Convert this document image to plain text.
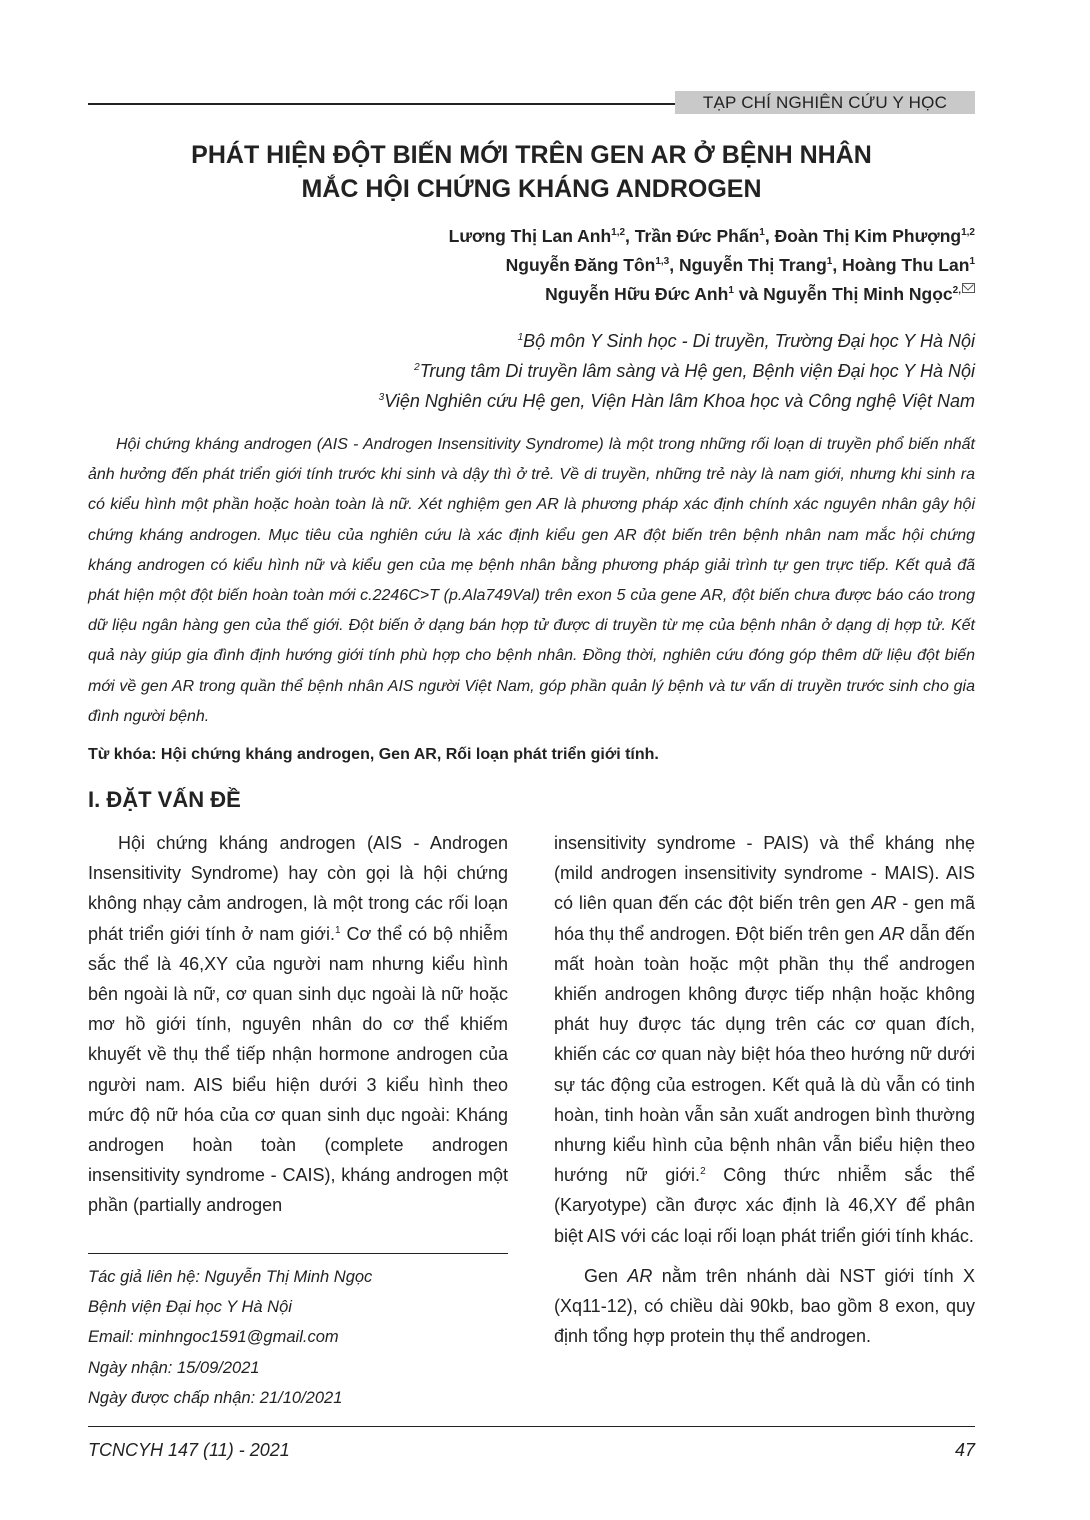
TẠP CHÍ NGHIÊN CỨU Y HỌC
PHÁT HIỆN ĐỘT BIẾN MỚI TRÊN GEN AR Ở BỆNH NHÂN
MẮC HỘI CHỨNG KHÁNG ANDROGEN
Lương Thị Lan Anh$^{1,2}$, Trần Đức Phấn$^1$, Đoàn Thị Kim Phượng$^{1,2}$
Nguyễn Đăng Tôn$^{1,3}$, Nguyễn Thị Trang$^1$, Hoàng Thu Lan$^1$
Nguyễn Hữu Đức Anh$^1$ và Nguyễn Thị Minh Ngọc$^{2,}$
$^1$Bộ môn Y Sinh học - Di truyền, Trường Đại học Y Hà Nội
$^2$Trung tâm Di truyền lâm sàng và Hệ gen, Bệnh viện Đại học Y Hà Nội
$^3$Viện Nghiên cứu Hệ gen, Viện Hàn lâm Khoa học và Công nghệ Việt Nam
Hội chứng kháng androgen (AIS - Androgen Insensitivity Syndrome) là một trong những rối loạn di truyền phổ biến nhất ảnh hưởng đến phát triển giới tính trước khi sinh và dậy thì ở trẻ. Về di truyền, những trẻ này là nam giới, nhưng khi sinh ra có kiểu hình một phần hoặc hoàn toàn là nữ. Xét nghiệm gen AR là phương pháp xác định chính xác nguyên nhân gây hội chứng kháng androgen. Mục tiêu của nghiên cứu là xác định kiểu gen AR đột biến trên bệnh nhân nam mắc hội chứng kháng androgen có kiểu hình nữ và kiểu gen của mẹ bệnh nhân bằng phương pháp giải trình tự gen trực tiếp. Kết quả đã phát hiện một đột biến hoàn toàn mới c.2246C>T (p.Ala749Val) trên exon 5 của gene AR, đột biến chưa được báo cáo trong dữ liệu ngân hàng gen của thế giới. Đột biến ở dạng bán hợp tử được di truyền từ mẹ của bệnh nhân ở dạng dị hợp tử. Kết quả này giúp gia đình định hướng giới tính phù hợp cho bệnh nhân. Đồng thời, nghiên cứu đóng góp thêm dữ liệu đột biến mới về gen AR trong quần thể bệnh nhân AIS người Việt Nam, góp phần quản lý bệnh và tư vấn di truyền trước sinh cho gia đình người bệnh.
Từ khóa: Hội chứng kháng androgen, Gen AR, Rối loạn phát triển giới tính.
I. ĐẶT VẤN ĐỀ

Hội chứng kháng androgen (AIS - Androgen Insensitivity Syndrome) hay còn gọi là hội chứng không nhạy cảm androgen, là một trong các rối loạn phát triển giới tính ở nam giới.$^1$ Cơ thể có bộ nhiễm sắc thể là 46,XY của người nam nhưng kiểu hình bên ngoài là nữ, cơ quan sinh dục ngoài là nữ hoặc mơ hồ giới tính, nguyên nhân do cơ thể khiếm khuyết về thụ thể tiếp nhận hormone androgen của người nam. AIS biểu hiện dưới 3 kiểu hình theo mức độ nữ hóa của cơ quan sinh dục ngoài: Kháng androgen hoàn toàn (complete androgen insensitivity syndrome - CAIS), kháng androgen một phần (partially androgen

insensitivity syndrome - PAIS) và thể kháng nhẹ (mild androgen insensitivity syndrome - MAIS). AIS có liên quan đến các đột biến trên gen AR - gen mã hóa thụ thể androgen. Đột biến trên gen AR dẫn đến mất hoàn toàn hoặc một phần thụ thể androgen khiến androgen không được tiếp nhận hoặc không phát huy được tác dụng trên các cơ quan đích, khiến các cơ quan này biệt hóa theo hướng nữ dưới sự tác động của estrogen. Kết quả là dù vẫn có tinh hoàn, tinh hoàn vẫn sản xuất androgen bình thường nhưng kiểu hình của bệnh nhân vẫn biểu hiện theo hướng nữ giới.$^2$ Công thức nhiễm sắc thể (Karyotype) cần được xác định là 46,XY để phân biệt AIS với các loại rối loạn phát triển giới tính khác.

Gen AR nằm trên nhánh dài NST giới tính X (Xq11-12), có chiều dài 90kb, bao gồm 8 exon, quy định tổng hợp protein thụ thể androgen.

Tác giả liên hệ: Nguyễn Thị Minh Ngọc
Bệnh viện Đại học Y Hà Nội
Email: minhngoc1591@gmail.com
Ngày nhận: 15/09/2021
Ngày được chấp nhận: 21/10/2021
TCNCYH 147 (11) - 2021	47
